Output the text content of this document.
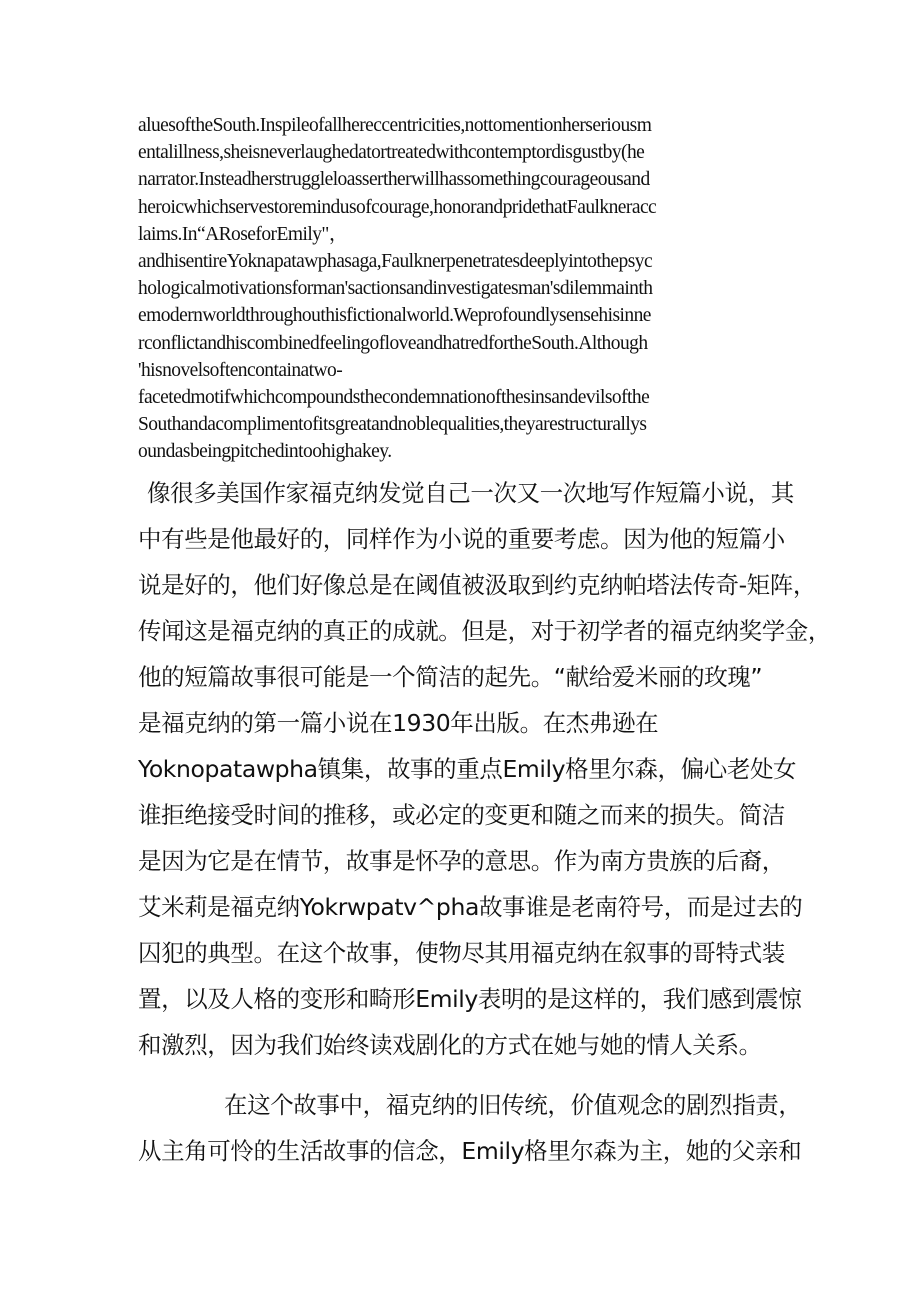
aluesoftheSouth.Inspileofallhereccentricities,nottomentionherseriousm
entalillness,sheisneverlaughedatortreatedwithcontemptordisgustby(he
narrator.Insteadherstruggleloassertherwillhassomethingcourageousand
heroicwhichservestoremindusofcourage,honorandpridethatFaulkneracc
laims.In“ARoseforEmily"，
andhisentireYoknapatawphasaga,Faulknerpenetratesdeeplyintothepsyc
hologicalmotivationsforman'sactionsandinvestigatesman'sdilemmainth
emodernworldthroughouthisfictionalworld.Weprofoundlysensehisinne
rconflictandhiscombinedfeelingofloveandhatredfortheSouth.Although
'hisnovelsoftencontainatwo-
facetedmotifwhichcompoundsthecondemnationofthesinsandevilsofthe
Southandacomplimentofitsgreatandnoblequalities,theyarestructurallys
oundasbeingpitchedintoohighakey.
像很多美国作家福克纳发觉自己一次又一次地写作短篇小说，其
中有些是他最好的，同样作为小说的重要考虑。因为他的短篇小
说是好的，他们好像总是在阈值被汲取到约克纳帕塔法传奇-矩阵，
传闻这是福克纳的真正的成就。但是，对于初学者的福克纳奖学金，
他的短篇故事很可能是一个简洁的起先。“献给爱米丽的玫瑰”
是福克纳的第一篇小说在1930年出版。在杰弗逊在
Yoknopatawpha镇集，故事的重点Emily格里尔森，偏心老处女
谁拒绝接受时间的推移，或必定的变更和随之而来的损失。简洁
是因为它是在情节，故事是怀孕的意思。作为南方贵族的后裔，
艾米莉是福克纳Yokrwpatv^pha故事谁是老南符号，而是过去的
囚犯的典型。在这个故事，使物尽其用福克纳在叙事的哥特式装
置，以及人格的变形和畸形Emily表明的是这样的，我们感到震惊
和激烈，因为我们始终读戏剧化的方式在她与她的情人关系。
在这个故事中，福克纳的旧传统，价值观念的剧烈指责，
从主角可怜的生活故事的信念，Emily格里尔森为主，她的父亲和
